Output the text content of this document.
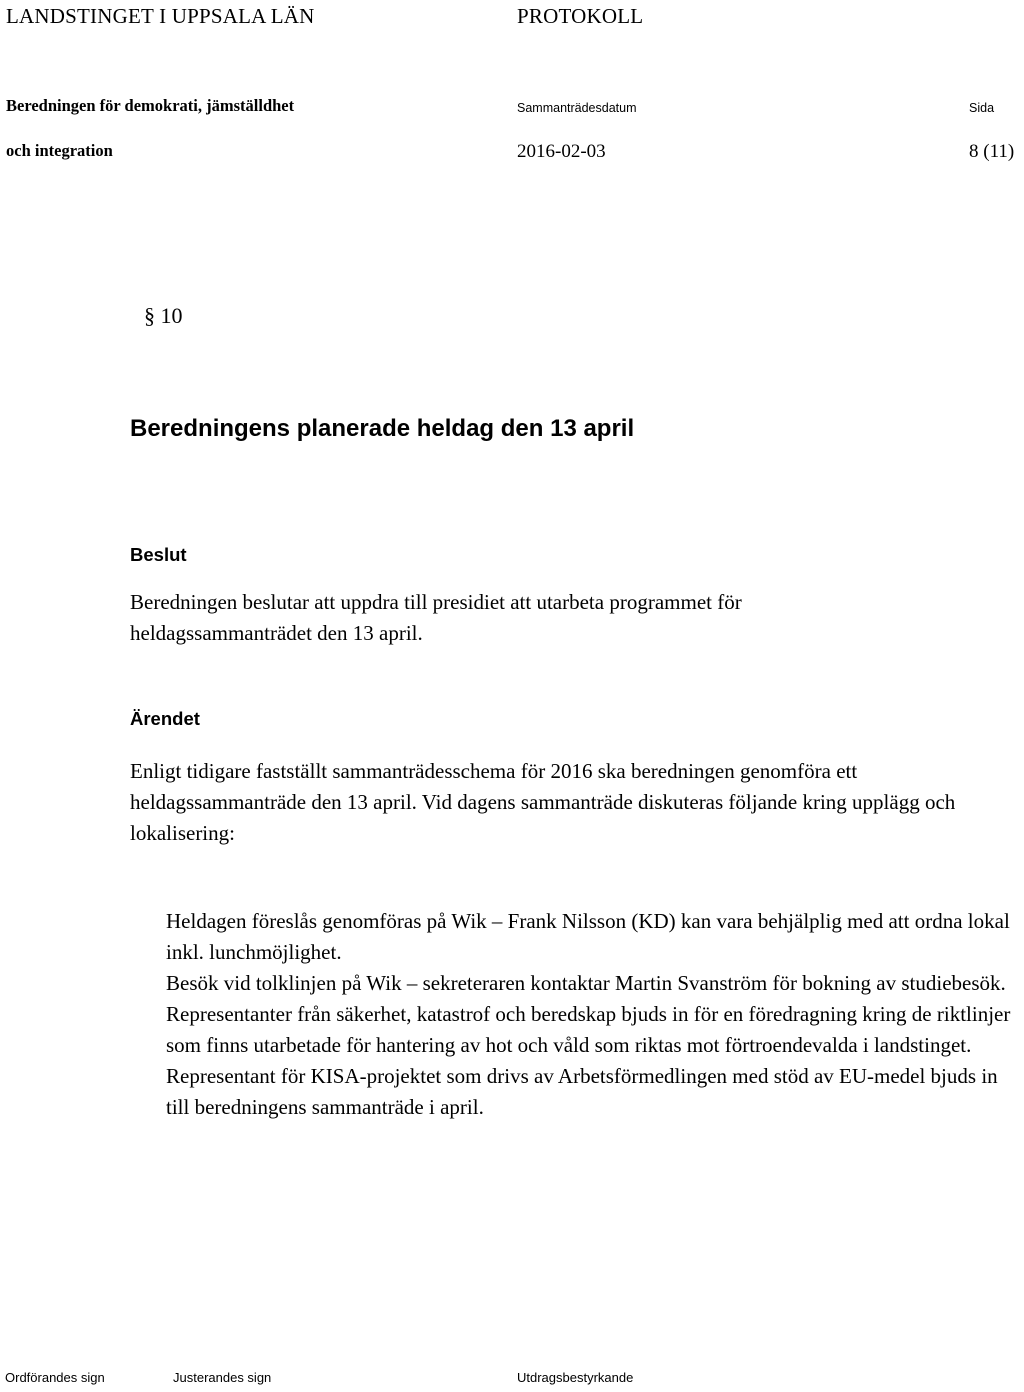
LANDSTINGET I UPPSALA LÄN	PROTOKOLL
Beredningen för demokrati, jämställdhet
och integration
Sammanträdesdatum	Sida
2016-02-03	8 (11)
§ 10
Beredningens planerade heldag den 13 april
Beslut
Beredningen beslutar att uppdra till presidiet att utarbeta programmet för heldagssammanträdet den 13 april.
Ärendet
Enligt tidigare fastställt sammanträdesschema för 2016 ska beredningen genomföra ett heldagssammanträde den 13 april. Vid dagens sammanträde diskuteras följande kring upplägg och lokalisering:
Heldagen föreslås genomföras på Wik – Frank Nilsson (KD) kan vara behjälplig med att ordna lokal inkl. lunchmöjlighet.
Besök vid tolklinjen på Wik – sekreteraren kontaktar Martin Svanström för bokning av studiebesök.
Representanter från säkerhet, katastrof och beredskap bjuds in för en föredragning kring de riktlinjer som finns utarbetade för hantering av hot och våld som riktas mot förtroendevalda i landstinget.
Representant för KISA-projektet som drivs av Arbetsförmedlingen med stöd av EU-medel bjuds in till beredningens sammanträde i april.
Ordförandes sign	Justerandes sign	Utdragsbestyrkande
